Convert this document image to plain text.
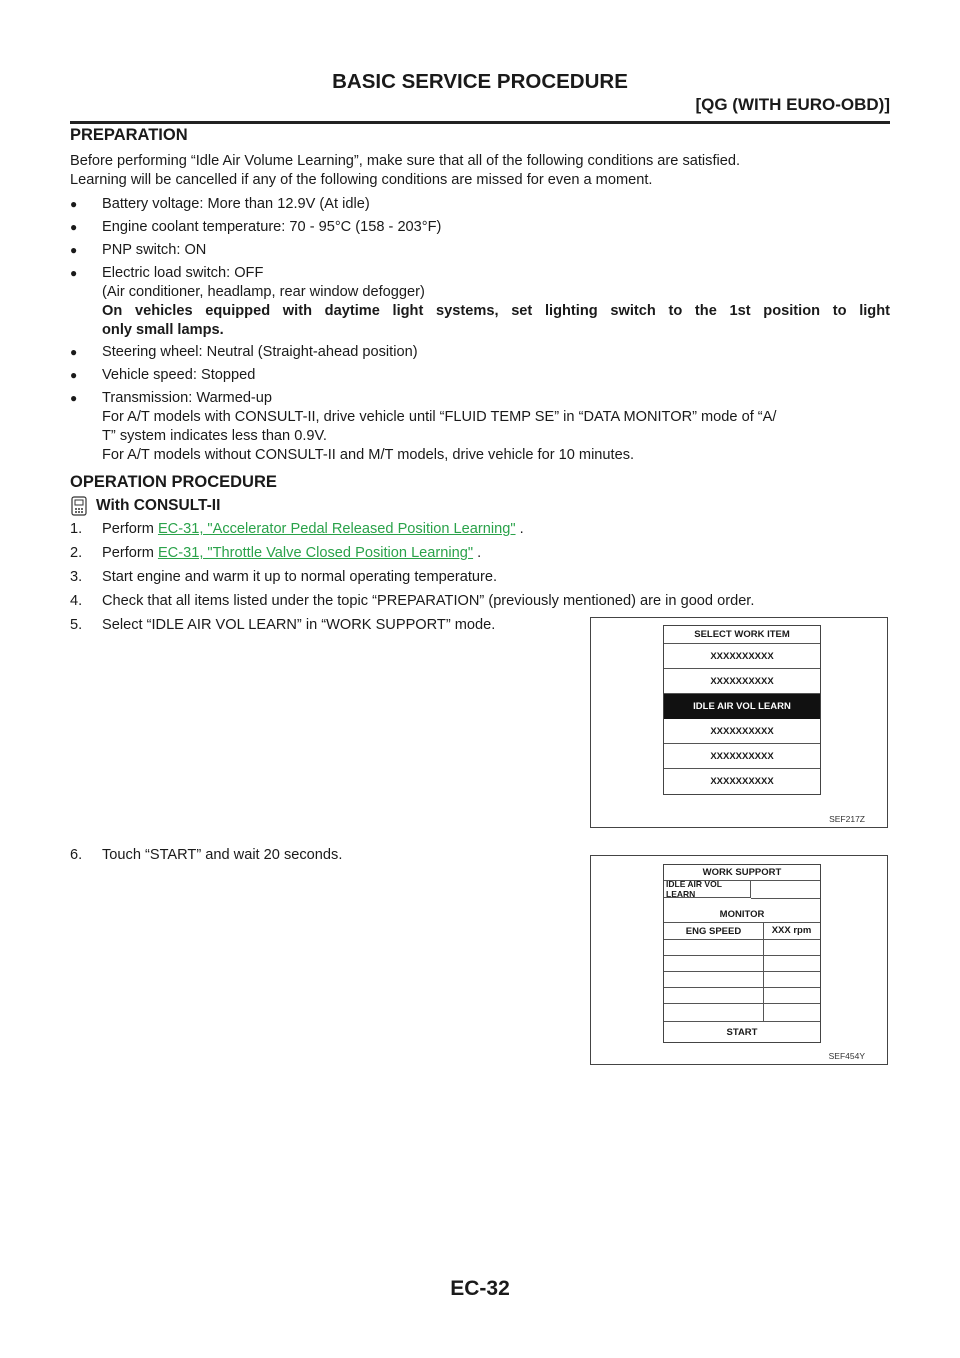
BASIC SERVICE PROCEDURE
[QG (WITH EURO-OBD)]
PREPARATION
Before performing “Idle Air Volume Learning”, make sure that all of the following conditions are satisfied.
Learning will be cancelled if any of the following conditions are missed for even a moment.
● Battery voltage: More than 12.9V (At idle)
● Engine coolant temperature: 70 - 95°C (158 - 203°F)
● PNP switch: ON
● Electric load switch: OFF
(Air conditioner, headlamp, rear window defogger)
On vehicles equipped with daytime light systems, set lighting switch to the 1st position to light
only small lamps.
● Steering wheel: Neutral (Straight-ahead position)
● Vehicle speed: Stopped
● Transmission: Warmed-up
For A/T models with CONSULT-II, drive vehicle until “FLUID TEMP SE” in “DATA MONITOR” mode of “A/
T” system indicates less than 0.9V.
For A/T models without CONSULT-II and M/T models, drive vehicle for 10 minutes.
OPERATION PROCEDURE
With CONSULT-II
1. Perform EC-31, "Accelerator Pedal Released Position Learning" .
2. Perform EC-31, "Throttle Valve Closed Position Learning" .
3. Start engine and warm it up to normal operating temperature.
4. Check that all items listed under the topic “PREPARATION” (previously mentioned) are in good order.
5. Select “IDLE AIR VOL LEARN” in “WORK SUPPORT” mode.
6. Touch “START” and wait 20 seconds.
SELECT WORK ITEM
XXXXXXXXXX
XXXXXXXXXX
IDLE AIR VOL LEARN
XXXXXXXXXX
XXXXXXXXXX
XXXXXXXXXX
SEF217Z
WORK SUPPORT
IDLE AIR VOL LEARN
MONITOR
ENG SPEED	XXX rpm
START
SEF454Y
EC-32
